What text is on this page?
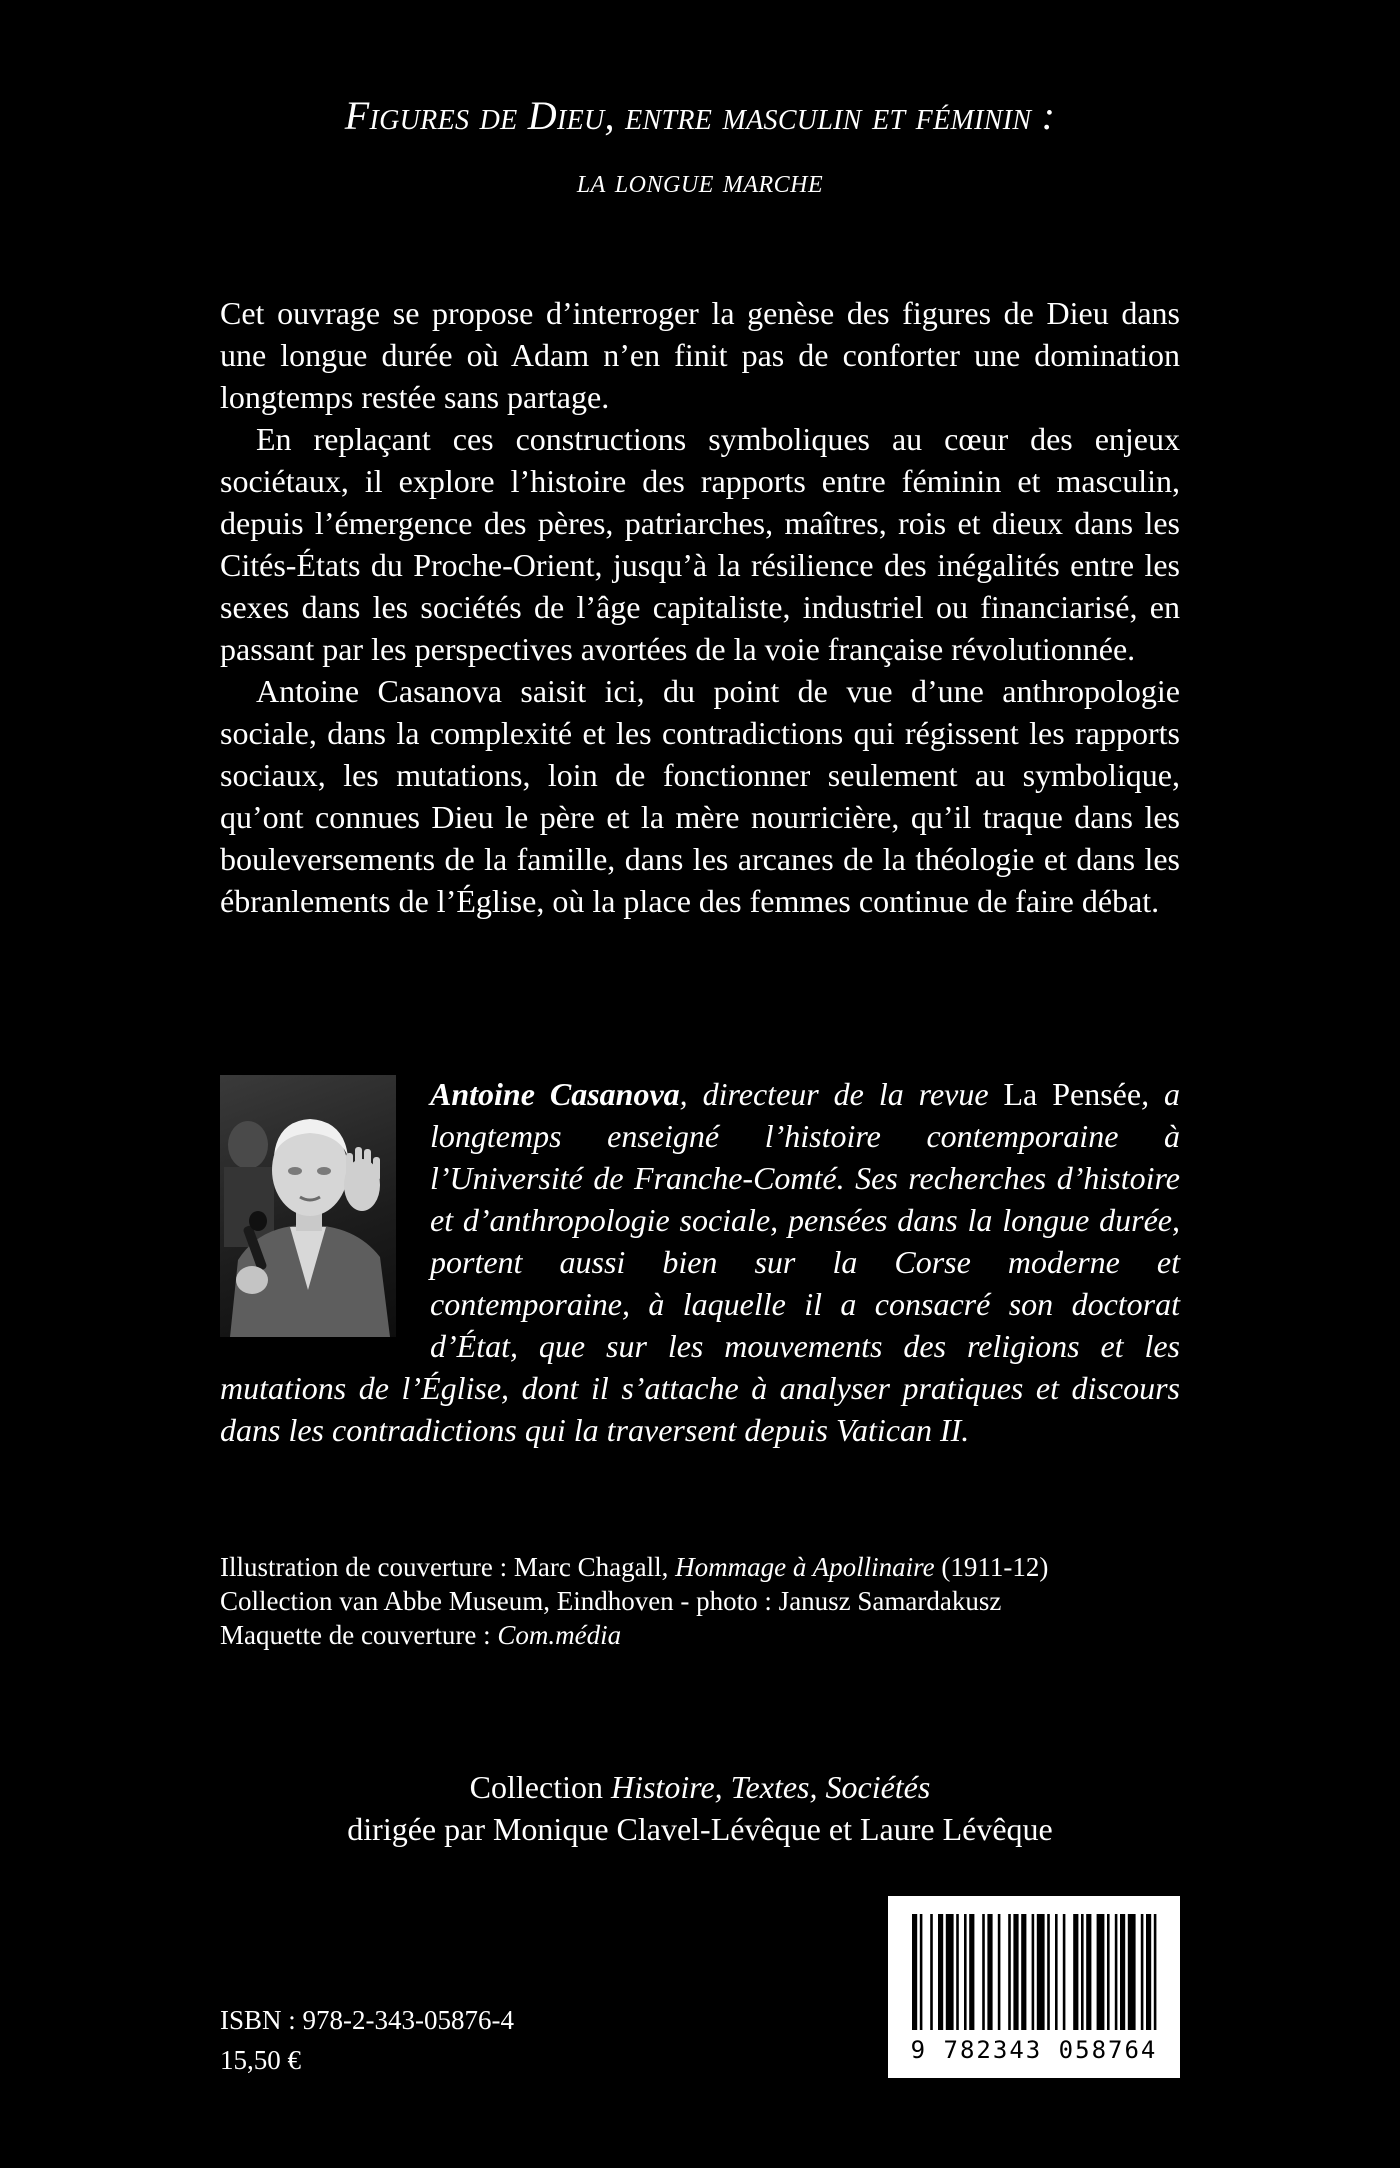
Figures de Dieu, entre masculin et féminin :
la longue marche

Cet ouvrage se propose d’interroger la genèse des figures de Dieu dans une longue durée où Adam n’en finit pas de conforter une domination longtemps restée sans partage.

En replaçant ces constructions symboliques au cœur des enjeux sociétaux, il explore l’histoire des rapports entre féminin et masculin, depuis l’émergence des pères, patriarches, maîtres, rois et dieux dans les Cités-États du Proche-Orient, jusqu’à la résilience des inégalités entre les sexes dans les sociétés de l’âge capitaliste, industriel ou financiarisé, en passant par les perspectives avortées de la voie française révolutionnée.

Antoine Casanova saisit ici, du point de vue d’une anthropologie sociale, dans la complexité et les contradictions qui régissent les rapports sociaux, les mutations, loin de fonctionner seulement au symbolique, qu’ont connues Dieu le père et la mère nourricière, qu’il traque dans les bouleversements de la famille, dans les arcanes de la théologie et dans les ébranlements de l’Église, où la place des femmes continue de faire débat.

Antoine Casanova, directeur de la revue La Pensée, a longtemps enseigné l’histoire contemporaine à l’Université de Franche-Comté. Ses recherches d’histoire et d’anthropologie sociale, pensées dans la longue durée, portent aussi bien sur la Corse moderne et contemporaine, à laquelle il a consacré son doctorat d’État, que sur les mouvements des religions et les mutations de l’Église, dont il s’attache à analyser pratiques et discours dans les contradictions qui la traversent depuis Vatican II.
Illustration de couverture : Marc Chagall, Hommage à Apollinaire (1911-12)
Collection van Abbe Museum, Eindhoven - photo : Janusz Samardakusz
Maquette de couverture : Com.média
Collection Histoire, Textes, Sociétés
dirigée par Monique Clavel-Lévêque et Laure Lévêque
ISBN : 978-2-343-05876-4
15,50 €	9 782343 058764
